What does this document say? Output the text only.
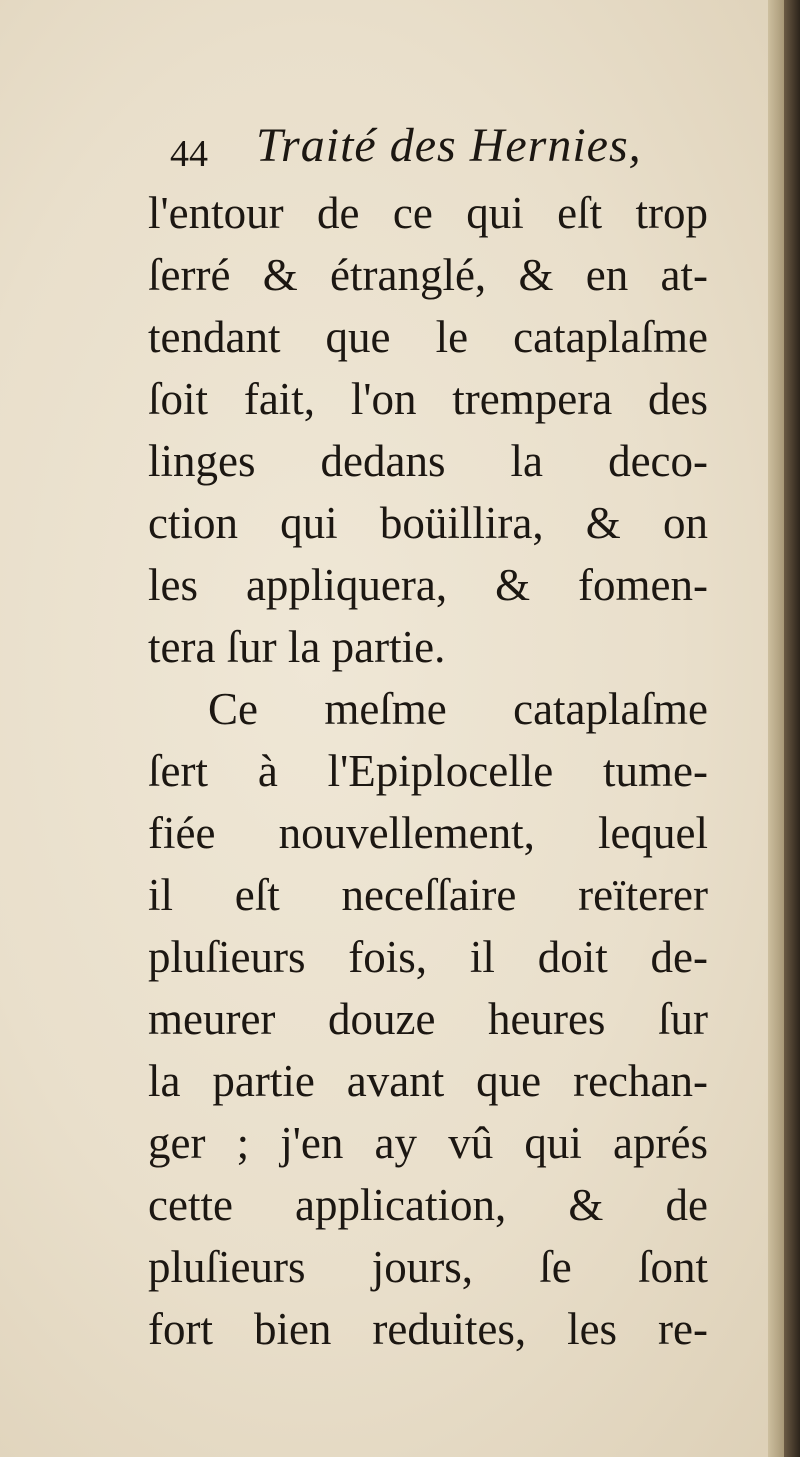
44 Traité des Hernies,
l'entour de ce qui eſt trop
ſerré & étranglé, & en at-
tendant que le cataplaſme
ſoit fait, l'on trempera des
linges dedans la deco-
ction qui boüillira, & on
les appliquera, & fomen-
tera ſur la partie.
Ce meſme cataplaſme
ſert à l'Epiplocelle tume-
fiée nouvellement, lequel
il eſt neceſſaire reïterer
pluſieurs fois, il doit de-
meurer douze heures ſur
la partie avant que rechan-
ger ; j'en ay vû qui aprés
cette application, & de
pluſieurs jours, ſe ſont
fort bien reduites, les re-
